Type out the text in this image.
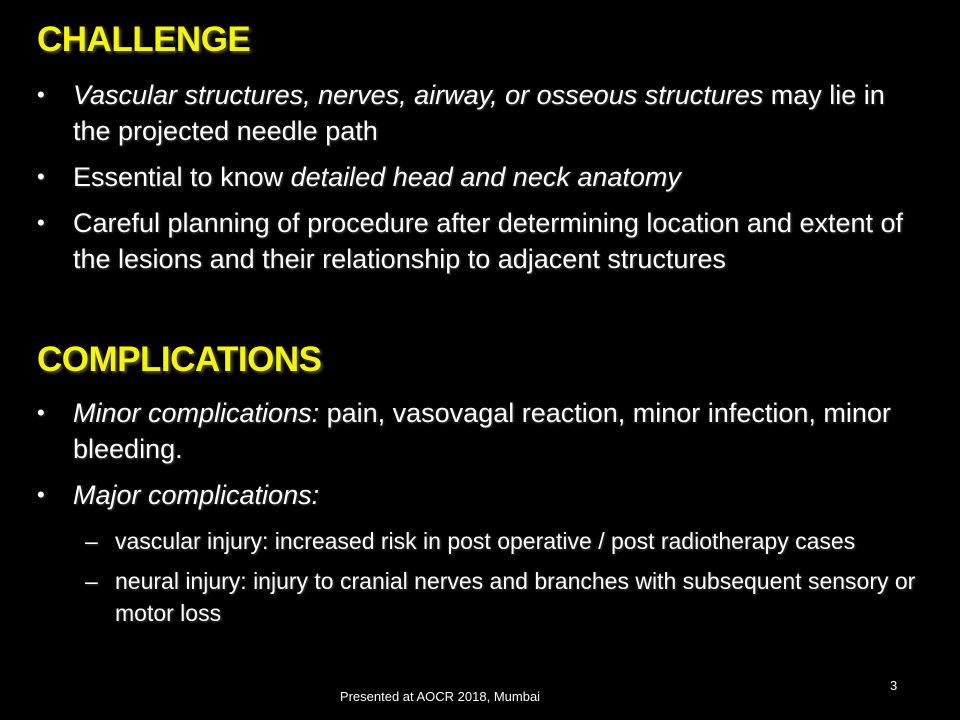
CHALLENGE
•	Vascular structures, nerves, airway, or osseous structures may lie in the projected needle path
•	Essential to know detailed head and neck anatomy
•	Careful planning of procedure after determining location and extent of the lesions and their relationship to adjacent structures
COMPLICATIONS
•	Minor complications: pain, vasovagal reaction, minor infection, minor bleeding.
•	Major complications:
– vascular injury: increased risk in post operative / post radiotherapy cases
– neural injury: injury to cranial nerves and branches with subsequent sensory or motor loss
Presented at AOCR 2018, Mumbai
3
